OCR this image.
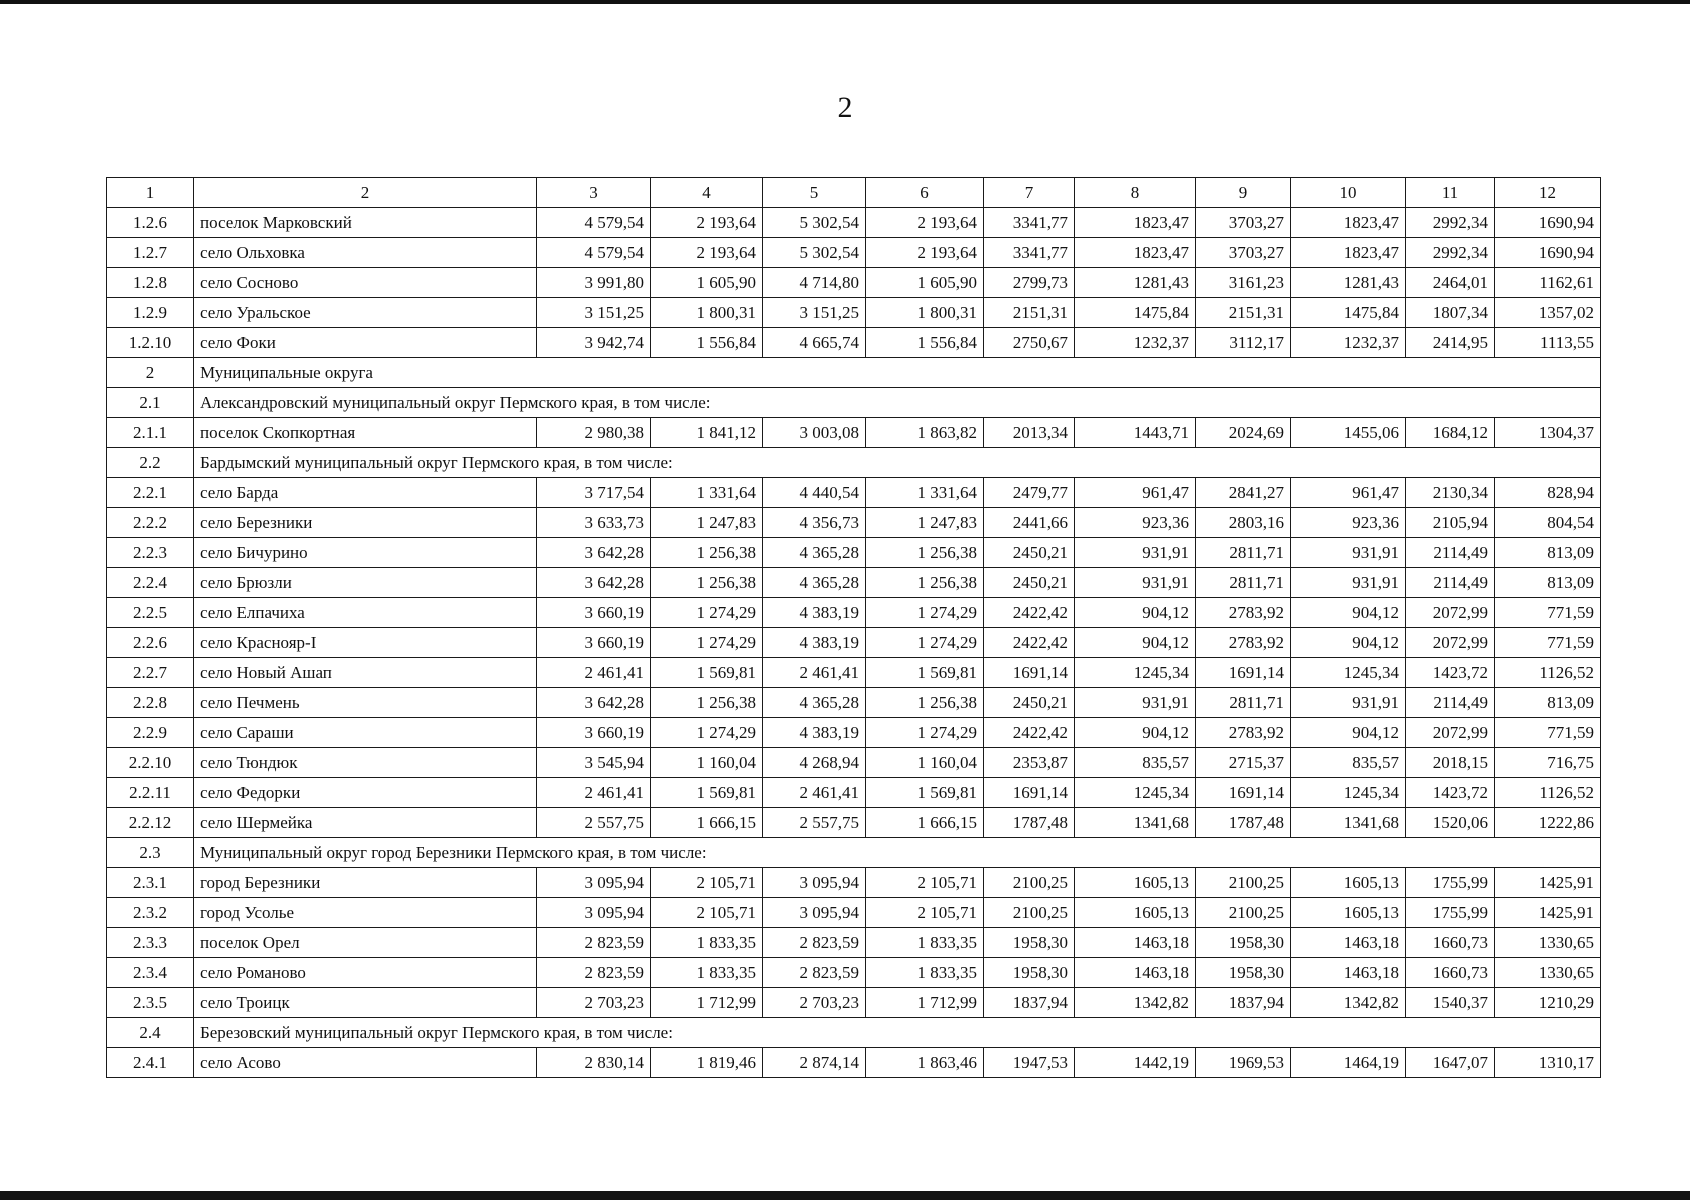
2
1	2	3	4	5	6	7	8	9	10	11	12
1.2.6	поселок Марковский	4 579,54	2 193,64	5 302,54	2 193,64	3341,77	1823,47	3703,27	1823,47	2992,34	1690,94
1.2.7	село Ольховка	4 579,54	2 193,64	5 302,54	2 193,64	3341,77	1823,47	3703,27	1823,47	2992,34	1690,94
1.2.8	село Сосново	3 991,80	1 605,90	4 714,80	1 605,90	2799,73	1281,43	3161,23	1281,43	2464,01	1162,61
1.2.9	село Уральское	3 151,25	1 800,31	3 151,25	1 800,31	2151,31	1475,84	2151,31	1475,84	1807,34	1357,02
1.2.10	село Фоки	3 942,74	1 556,84	4 665,74	1 556,84	2750,67	1232,37	3112,17	1232,37	2414,95	1113,55
2	Муниципальные округа										
2.1	Александровский муниципальный округ Пермского края, в том числе:										
2.1.1	поселок Скопкортная	2 980,38	1 841,12	3 003,08	1 863,82	2013,34	1443,71	2024,69	1455,06	1684,12	1304,37
2.2	Бардымский муниципальный округ Пермского края, в том числе:										
2.2.1	село Барда	3 717,54	1 331,64	4 440,54	1 331,64	2479,77	961,47	2841,27	961,47	2130,34	828,94
2.2.2	село Березники	3 633,73	1 247,83	4 356,73	1 247,83	2441,66	923,36	2803,16	923,36	2105,94	804,54
2.2.3	село Бичурино	3 642,28	1 256,38	4 365,28	1 256,38	2450,21	931,91	2811,71	931,91	2114,49	813,09
2.2.4	село Брюзли	3 642,28	1 256,38	4 365,28	1 256,38	2450,21	931,91	2811,71	931,91	2114,49	813,09
2.2.5	село Елпачиха	3 660,19	1 274,29	4 383,19	1 274,29	2422,42	904,12	2783,92	904,12	2072,99	771,59
2.2.6	село Краснояр-I	3 660,19	1 274,29	4 383,19	1 274,29	2422,42	904,12	2783,92	904,12	2072,99	771,59
2.2.7	село Новый Ашап	2 461,41	1 569,81	2 461,41	1 569,81	1691,14	1245,34	1691,14	1245,34	1423,72	1126,52
2.2.8	село Печмень	3 642,28	1 256,38	4 365,28	1 256,38	2450,21	931,91	2811,71	931,91	2114,49	813,09
2.2.9	село Сараши	3 660,19	1 274,29	4 383,19	1 274,29	2422,42	904,12	2783,92	904,12	2072,99	771,59
2.2.10	село Тюндюк	3 545,94	1 160,04	4 268,94	1 160,04	2353,87	835,57	2715,37	835,57	2018,15	716,75
2.2.11	село Федорки	2 461,41	1 569,81	2 461,41	1 569,81	1691,14	1245,34	1691,14	1245,34	1423,72	1126,52
2.2.12	село Шермейка	2 557,75	1 666,15	2 557,75	1 666,15	1787,48	1341,68	1787,48	1341,68	1520,06	1222,86
2.3	Муниципальный округ город Березники Пермского края, в том числе:										
2.3.1	город Березники	3 095,94	2 105,71	3 095,94	2 105,71	2100,25	1605,13	2100,25	1605,13	1755,99	1425,91
2.3.2	город Усолье	3 095,94	2 105,71	3 095,94	2 105,71	2100,25	1605,13	2100,25	1605,13	1755,99	1425,91
2.3.3	поселок Орел	2 823,59	1 833,35	2 823,59	1 833,35	1958,30	1463,18	1958,30	1463,18	1660,73	1330,65
2.3.4	село Романово	2 823,59	1 833,35	2 823,59	1 833,35	1958,30	1463,18	1958,30	1463,18	1660,73	1330,65
2.3.5	село Троицк	2 703,23	1 712,99	2 703,23	1 712,99	1837,94	1342,82	1837,94	1342,82	1540,37	1210,29
2.4	Березовский муниципальный округ Пермского края, в том числе:										
2.4.1	село Асово	2 830,14	1 819,46	2 874,14	1 863,46	1947,53	1442,19	1969,53	1464,19	1647,07	1310,17
